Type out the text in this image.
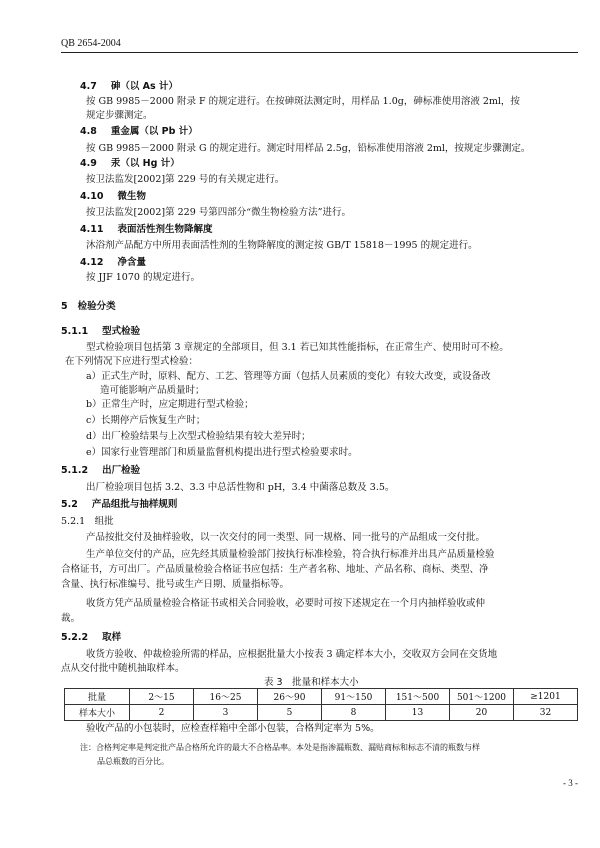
QB 2654-2004
4.7 砷（以 As 计）
按 GB 9985－2000 附录 F 的规定进行。在按砷斑法测定时，用样品 1.0g，砷标准使用溶液 2ml，按
规定步骤测定。
4.8 重金属（以 Pb 计）
按 GB 9985－2000 附录 G 的规定进行。测定时用样品 2.5g，铅标准使用溶液 2ml，按规定步骤测定。
4.9 汞（以 Hg 计）
按卫法监发[2002]第 229 号的有关规定进行。
4.10 微生物
按卫法监发[2002]第 229 号第四部分“微生物检验方法”进行。
4.11 表面活性剂生物降解度
沐浴剂产品配方中所用表面活性剂的生物降解度的测定按 GB/T 15818－1995 的规定进行。
4.12 净含量
按 JJF 1070 的规定进行。
5 检验分类
5.1.1 型式检验
型式检验项目包括第 3 章规定的全部项目，但 3.1 若已知其性能指标，在正常生产、使用时可不检。
在下列情况下应进行型式检验：
a）正式生产时，原料、配方、工艺、管理等方面（包括人员素质的变化）有较大改变，或设备改
造可能影响产品质量时；
b）正常生产时，应定期进行型式检验；
c）长期停产后恢复生产时；
d）出厂检验结果与上次型式检验结果有较大差异时；
e）国家行业管理部门和质量监督机构提出进行型式检验要求时。
5.1.2 出厂检验
出厂检验项目包括 3.2、3.3 中总活性物和 pH，3.4 中菌落总数及 3.5。
5.2 产品组批与抽样规则
5.2.1　组批
产品按批交付及抽样验收，以一次交付的同一类型、同一规格、同一批号的产品组成一交付批。
生产单位交付的产品，应先经其质量检验部门按执行标准检验，符合执行标准并出具产品质量检验
合格证书，方可出厂。产品质量检验合格证书应包括：生产者名称、地址、产品名称、商标、类型、净
含量、执行标准编号、批号或生产日期、质量指标等。
收货方凭产品质量检验合格证书或相关合同验收，必要时可按下述规定在一个月内抽样验收或仲
裁。
5.2.2 取样
收货方验收、仲裁检验所需的样品，应根据批量大小按表 3 确定样本大小，交收双方会同在交货地
点从交付批中随机抽取样本。
表 3　批量和样本大小
批量	2～15	16～25	26～90	91～150	151～500	501～1200	≥1201
样本大小	2	3	5	8	13	20	32
验收产品的小包装时，应检查样箱中全部小包装，合格判定率为 5%。
注：合格判定率是判定批产品合格所允许的最大不合格品率。本处是指渗漏瓶数、漏贴商标和标志不清的瓶数与样
品总瓶数的百分比。
- 3 -
